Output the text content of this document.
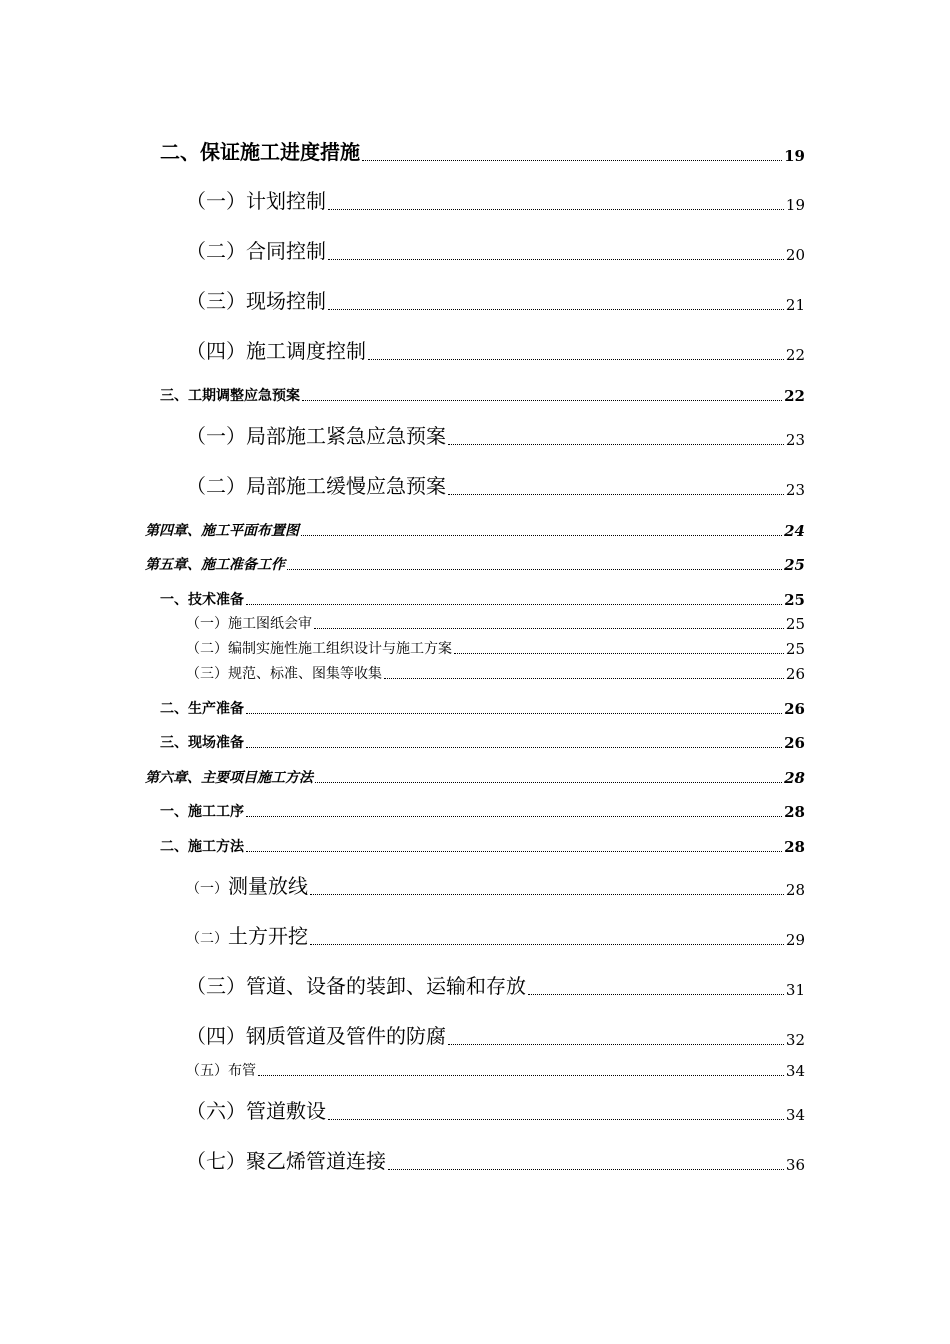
二、保证施工进度措施	19
（一）计划控制	19
（二）合同控制	20
（三）现场控制	21
（四）施工调度控制	22
三、工期调整应急预案	22
（一）局部施工紧急应急预案	23
（二）局部施工缓慢应急预案	23
第四章、施工平面布置图	24
第五章、施工准备工作	25
一、技术准备	25
（一）施工图纸会审	25
（二）编制实施性施工组织设计与施工方案	25
（三）规范、标准、图集等收集	26
二、生产准备	26
三、现场准备	26
第六章、主要项目施工方法	28
一、施工工序	28
二、施工方法	28
（一）测量放线	28
（二）土方开挖	29
（三）管道、设备的装卸、运输和存放	31
（四）钢质管道及管件的防腐	32
（五）布管	34
（六）管道敷设	34
（七）聚乙烯管道连接	36
